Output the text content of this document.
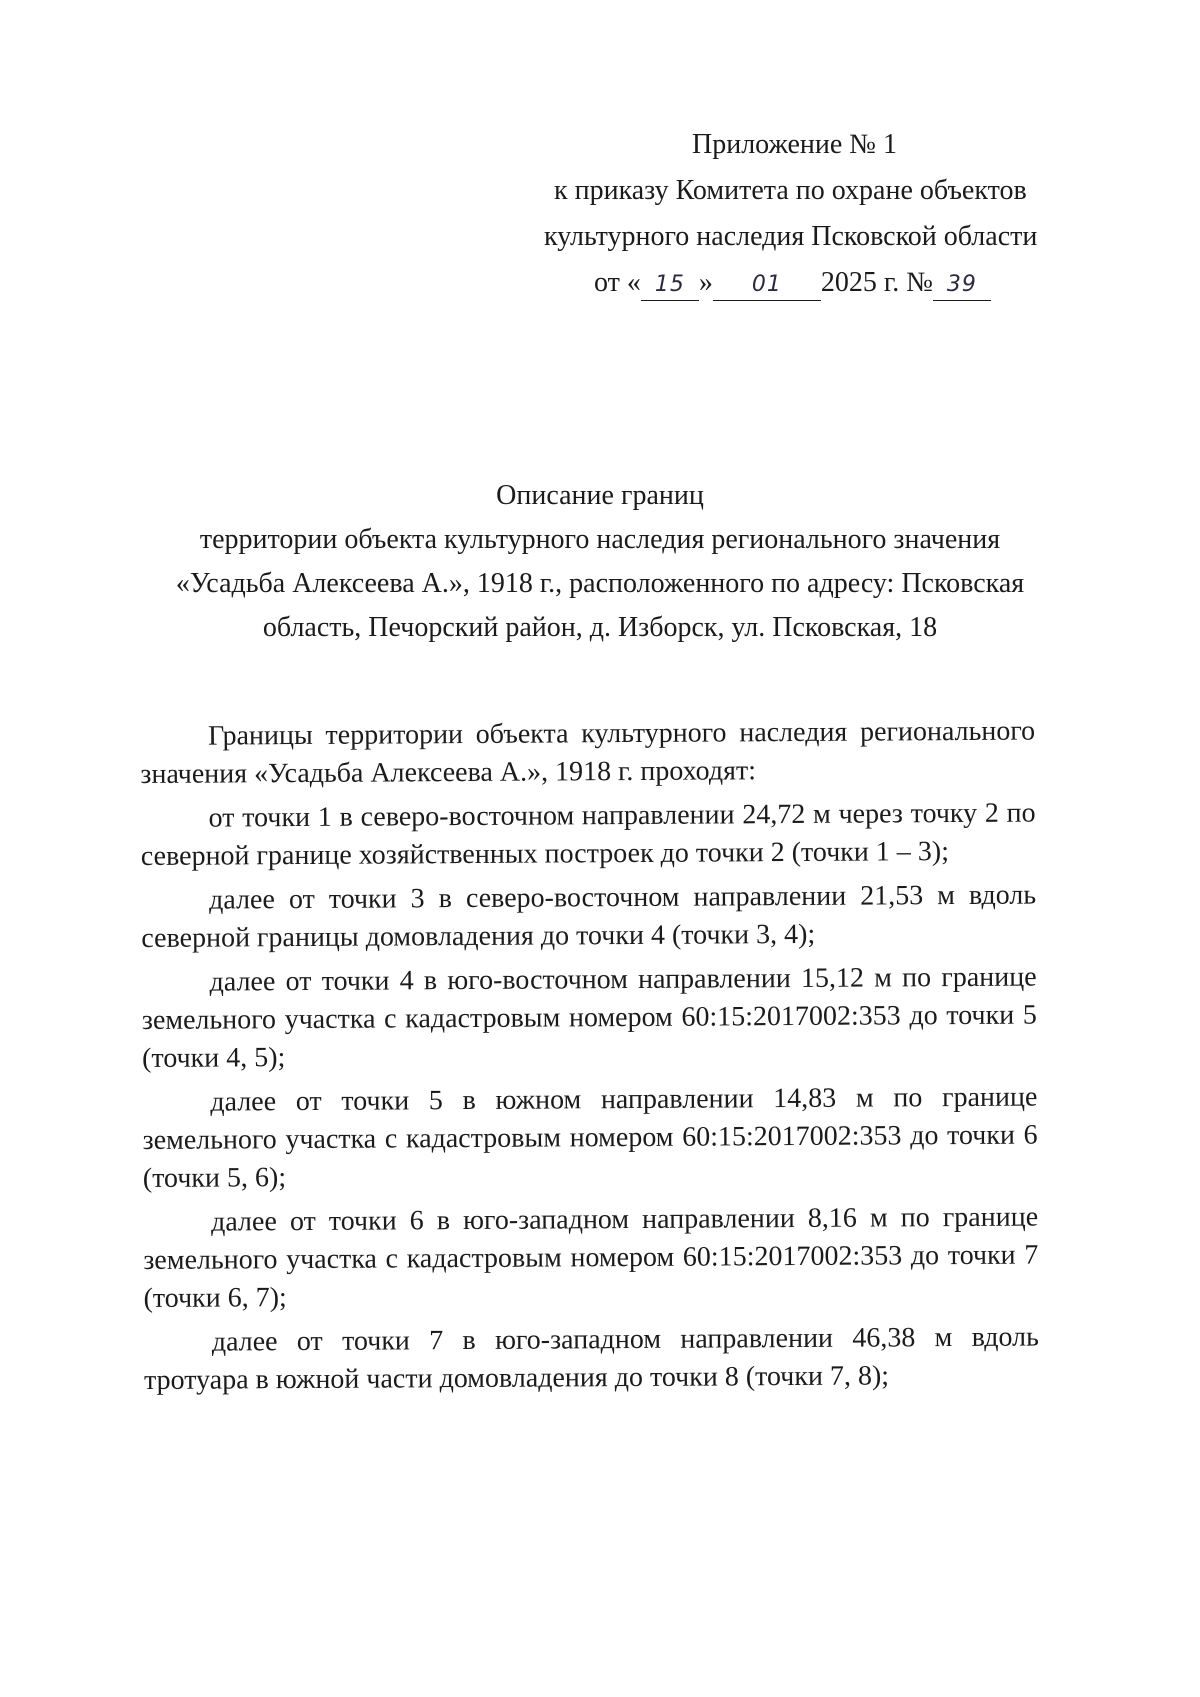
Приложение № 1
к приказу Комитета по охране объектов
культурного наследия Псковской области
от « 15 » 01 2025 г. № 39
Описание границ
территории объекта культурного наследия регионального значения
«Усадьба Алексеева А.», 1918 г., расположенного по адресу: Псковская
область, Печорский район, д. Изборск, ул. Псковская, 18

Границы территории объекта культурного наследия регионального значения «Усадьба Алексеева А.», 1918 г. проходят:

от точки 1 в северо-восточном направлении 24,72 м через точку 2 по северной границе хозяйственных построек до точки 2 (точки 1 – 3);

далее от точки 3 в северо-восточном направлении 21,53 м вдоль северной границы домовладения до точки 4 (точки 3, 4);

далее от точки 4 в юго-восточном направлении 15,12 м по границе земельного участка с кадастровым номером 60:15:2017002:353 до точки 5 (точки 4, 5);

далее от точки 5 в южном направлении 14,83 м по границе земельного участка с кадастровым номером 60:15:2017002:353 до точки 6 (точки 5, 6);

далее от точки 6 в юго-западном направлении 8,16 м по границе земельного участка с кадастровым номером 60:15:2017002:353 до точки 7 (точки 6, 7);

далее от точки 7 в юго-западном направлении 46,38 м вдоль тротуара в южной части домовладения до точки 8 (точки 7, 8);
